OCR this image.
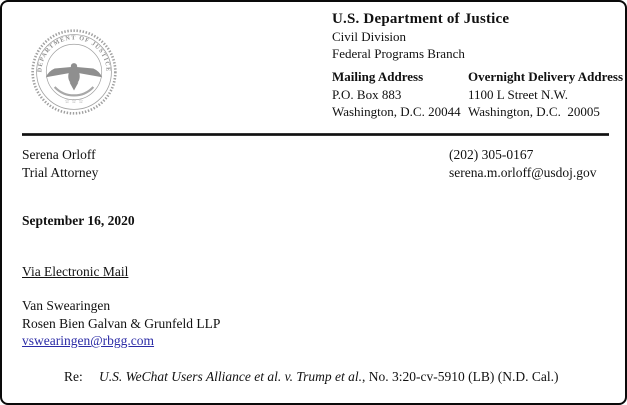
DEPARTMENT OF JUSTICE
☆ ☆ ☆
U.S. Department of Justice
Civil Division
Federal Programs Branch
Mailing Address
P.O. Box 883
Washington, D.C. 20044
Overnight Delivery Address
1100 L Street N.W.
Washington, D.C.  20005
Serena Orloff
Trial Attorney
(202) 305-0167
serena.m.orloff@usdoj.gov
September 16, 2020
Via Electronic Mail
Van Swearingen
Rosen Bien Galvan & Grunfeld LLP
vswearingen@rbgg.com
Re:	U.S. WeChat Users Alliance et al. v. Trump et al., No. 3:20-cv-5910 (LB) (N.D. Cal.)
